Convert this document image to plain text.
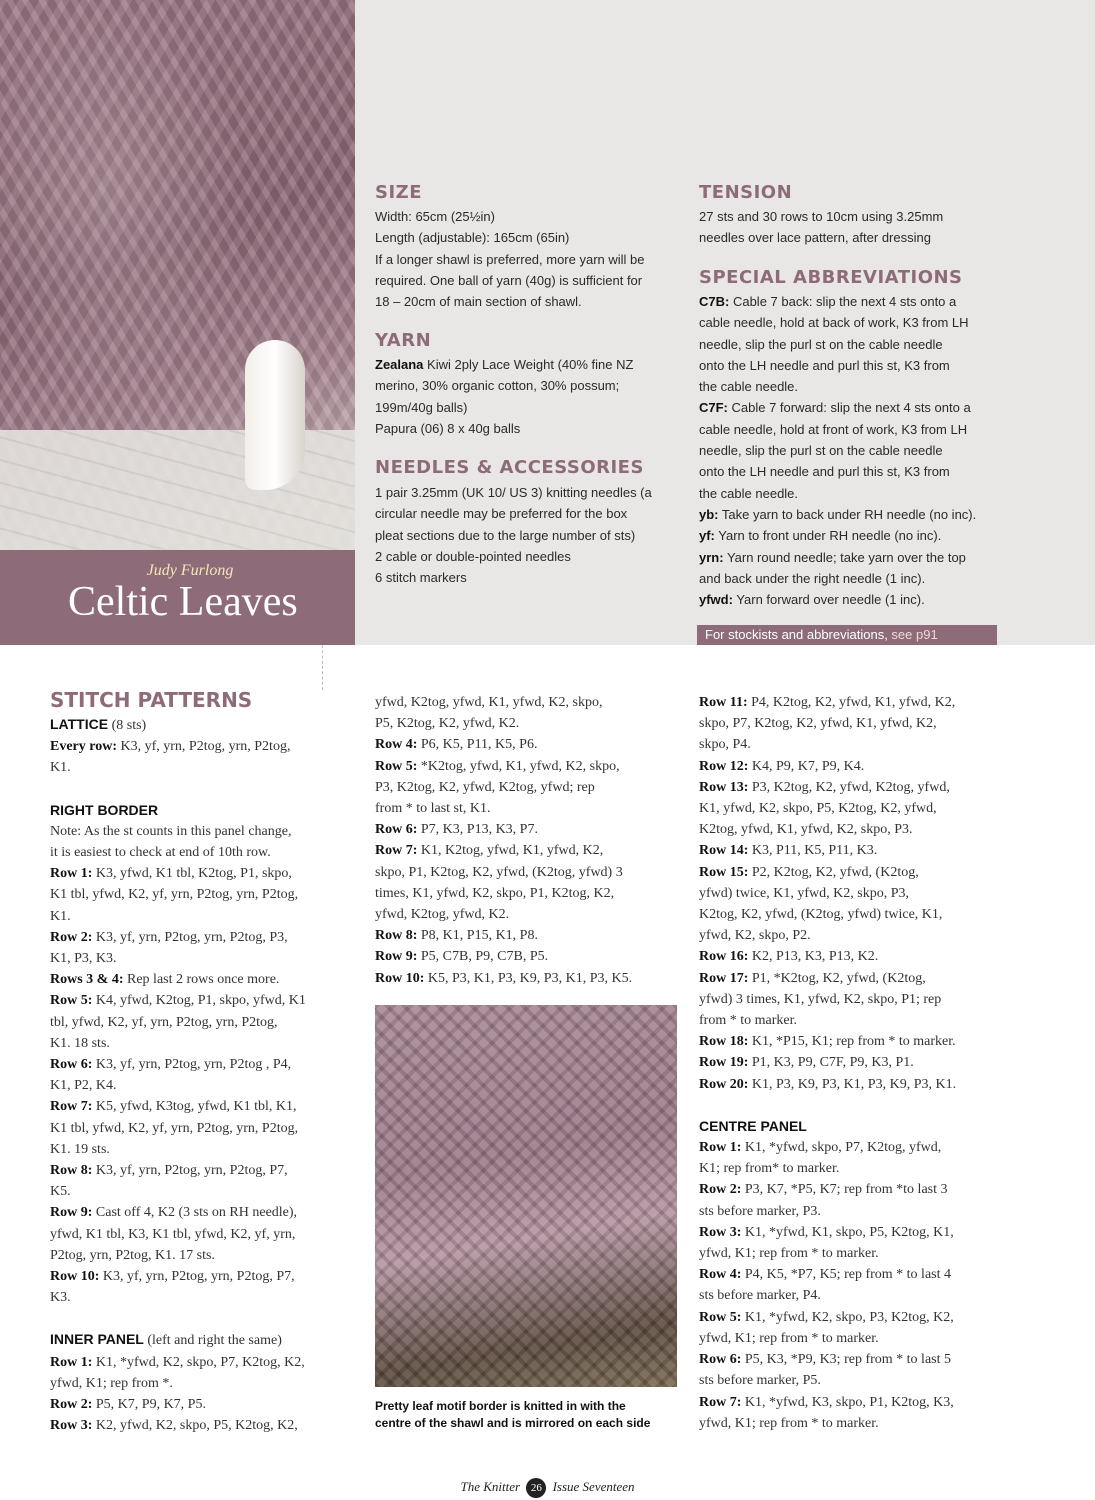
Judy Furlong
Celtic Leaves
SIZE
Width: 65cm (25½in)
Length (adjustable): 165cm (65in)
If a longer shawl is preferred, more yarn will be
required. One ball of yarn (40g) is sufficient for
18 – 20cm of main section of shawl.
YARN
Zealana Kiwi 2ply Lace Weight (40% fine NZ
merino, 30% organic cotton, 30% possum;
199m/40g balls)
Papura (06) 8 x 40g balls
NEEDLES & ACCESSORIES
1 pair 3.25mm (UK 10/ US 3) knitting needles (a
circular needle may be preferred for the box
pleat sections due to the large number of sts)
2 cable or double-pointed needles
6 stitch markers
TENSION
27 sts and 30 rows to 10cm using 3.25mm
needles over lace pattern, after dressing
SPECIAL ABBREVIATIONS
C7B: Cable 7 back: slip the next 4 sts onto a
cable needle, hold at back of work, K3 from LH
needle, slip the purl st on the cable needle
onto the LH needle and purl this st, K3 from
the cable needle.
C7F: Cable 7 forward: slip the next 4 sts onto a
cable needle, hold at front of work, K3 from LH
needle, slip the purl st on the cable needle
onto the LH needle and purl this st, K3 from
the cable needle.
yb: Take yarn to back under RH needle (no inc).
yf: Yarn to front under RH needle (no inc).
yrn: Yarn round needle; take yarn over the top
and back under the right needle (1 inc).
yfwd: Yarn forward over needle (1 inc).
For stockists and abbreviations, see p91
STITCH PATTERNS

LATTICE (8 sts)

Every row: K3, yf, yrn, P2tog, yrn, P2tog,

K1.

RIGHT BORDER

Note: As the st counts in this panel change,

it is easiest to check at end of 10th row.

Row 1: K3, yfwd, K1 tbl, K2tog, P1, skpo,

K1 tbl, yfwd, K2, yf, yrn, P2tog, yrn, P2tog,

K1.

Row 2: K3, yf, yrn, P2tog, yrn, P2tog, P3,

K1, P3, K3.

Rows 3 & 4: Rep last 2 rows once more.

Row 5: K4, yfwd, K2tog, P1, skpo, yfwd, K1

tbl, yfwd, K2, yf, yrn, P2tog, yrn, P2tog,

K1. 18 sts.

Row 6: K3, yf, yrn, P2tog, yrn, P2tog , P4,

K1, P2, K4.

Row 7: K5, yfwd, K3tog, yfwd, K1 tbl, K1,

K1 tbl, yfwd, K2, yf, yrn, P2tog, yrn, P2tog,

K1. 19 sts.

Row 8: K3, yf, yrn, P2tog, yrn, P2tog, P7,

K5.

Row 9: Cast off 4, K2 (3 sts on RH needle),

yfwd, K1 tbl, K3, K1 tbl, yfwd, K2, yf, yrn,

P2tog, yrn, P2tog, K1. 17 sts.

Row 10: K3, yf, yrn, P2tog, yrn, P2tog, P7,

K3.

INNER PANEL (left and right the same)

Row 1: K1, *yfwd, K2, skpo, P7, K2tog, K2,

yfwd, K1; rep from *.

Row 2: P5, K7, P9, K7, P5.

Row 3: K2, yfwd, K2, skpo, P5, K2tog, K2,

yfwd, K2tog, yfwd, K1, yfwd, K2, skpo,

P5, K2tog, K2, yfwd, K2.

Row 4: P6, K5, P11, K5, P6.

Row 5: *K2tog, yfwd, K1, yfwd, K2, skpo,

P3, K2tog, K2, yfwd, K2tog, yfwd; rep

from * to last st, K1.

Row 6: P7, K3, P13, K3, P7.

Row 7: K1, K2tog, yfwd, K1, yfwd, K2,

skpo, P1, K2tog, K2, yfwd, (K2tog, yfwd) 3

times, K1, yfwd, K2, skpo, P1, K2tog, K2,

yfwd, K2tog, yfwd, K2.

Row 8: P8, K1, P15, K1, P8.

Row 9: P5, C7B, P9, C7B, P5.

Row 10: K5, P3, K1, P3, K9, P3, K1, P3, K5.

Pretty leaf motif border is knitted in with the
centre of the shawl and is mirrored on each side

Row 11: P4, K2tog, K2, yfwd, K1, yfwd, K2,

skpo, P7, K2tog, K2, yfwd, K1, yfwd, K2,

skpo, P4.

Row 12: K4, P9, K7, P9, K4.

Row 13: P3, K2tog, K2, yfwd, K2tog, yfwd,

K1, yfwd, K2, skpo, P5, K2tog, K2, yfwd,

K2tog, yfwd, K1, yfwd, K2, skpo, P3.

Row 14: K3, P11, K5, P11, K3.

Row 15: P2, K2tog, K2, yfwd, (K2tog,

yfwd) twice, K1, yfwd, K2, skpo, P3,

K2tog, K2, yfwd, (K2tog, yfwd) twice, K1,

yfwd, K2, skpo, P2.

Row 16: K2, P13, K3, P13, K2.

Row 17: P1, *K2tog, K2, yfwd, (K2tog,

yfwd) 3 times, K1, yfwd, K2, skpo, P1; rep

from * to marker.

Row 18: K1, *P15, K1; rep from * to marker.

Row 19: P1, K3, P9, C7F, P9, K3, P1.

Row 20: K1, P3, K9, P3, K1, P3, K9, P3, K1.

CENTRE PANEL

Row 1: K1, *yfwd, skpo, P7, K2tog, yfwd,

K1; rep from* to marker.

Row 2: P3, K7, *P5, K7; rep from *to last 3

sts before marker, P3.

Row 3: K1, *yfwd, K1, skpo, P5, K2tog, K1,

yfwd, K1; rep from * to marker.

Row 4: P4, K5, *P7, K5; rep from * to last 4

sts before marker, P4.

Row 5: K1, *yfwd, K2, skpo, P3, K2tog, K2,

yfwd, K1; rep from * to marker.

Row 6: P5, K3, *P9, K3; rep from * to last 5

sts before marker, P5.

Row 7: K1, *yfwd, K3, skpo, P1, K2tog, K3,

yfwd, K1; rep from * to marker.

The Knitter 26 Issue Seventeen
